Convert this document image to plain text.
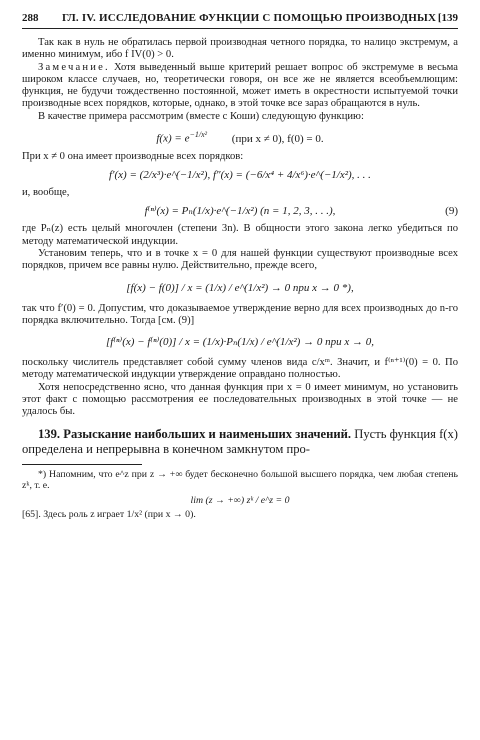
288 ГЛ. IV. ИССЛЕДОВАНИЕ ФУНКЦИИ С ПОМОЩЬЮ ПРОИЗВОДНЫХ [139

Так как в нуль не обратилась первой производная четного порядка, то налицо экстремум, а именно минимум, ибо f IV(0) > 0.

Замечание. Хотя выведенный выше критерий решает вопрос об экстремуме в весьма широком классе случаев, но, теоретически говоря, он все же не является всеобъемлющим: функция, не будучи тождественно постоянной, может иметь в окрестности испытуемой точки производные всех порядков, которые, однако, в этой точке все зараз обращаются в нуль.

В качестве примера рассмотрим (вместе с Коши) следующую функцию:

$f(x) = e^{-1/x^2}$ (при x ≠ 0), f(0) = 0.

При x ≠ 0 она имеет производные всех порядков:

f′(x) = (2/x³)·e^(−1/x²), f″(x) = (−6/x⁴ + 4/x⁶)·e^(−1/x²), . . .

и, вообще,

f⁽ⁿ⁾(x) = Pₙ(1/x)·e^(−1/x²) (n = 1, 2, 3, . . .),	(9)

где Pₙ(z) есть целый многочлен (степени 3n). В общности этого закона легко убедиться по методу математической индукции.

Установим теперь, что и в точке x = 0 для нашей функции существуют производные всех порядков, причем все равны нулю. Действительно, прежде всего,

[f(x) − f(0)] / x = (1/x) / e^(1/x²) → 0 при x → 0 *),

так что f′(0) = 0. Допустим, что доказываемое утверждение верно для всех производных до n-го порядка включительно. Тогда [см. (9)]

[f⁽ⁿ⁾(x) − f⁽ⁿ⁾(0)] / x = (1/x)·Pₙ(1/x) / e^(1/x²) → 0 при x → 0,

поскольку числитель представляет собой сумму членов вида c/xᵐ. Значит, и f⁽ⁿ⁺¹⁾(0) = 0. По методу математической индукции утверждение оправдано полностью.

Хотя непосредственно ясно, что данная функция при x = 0 имеет минимум, но установить этот факт с помощью рассмотрения ее последовательных производных в этой точке — не удалось бы.

139. Разыскание наибольших и наименьших значений. Пусть функция f(x) определена и непрерывна в конечном замкнутом про-

*) Напомним, что e^z при z → +∞ будет бесконечно большой высшего порядка, чем любая степень zᵏ, т. е.

lim (z → +∞) zᵏ / e^z = 0

[65]. Здесь роль z играет 1/x² (при x → 0).
